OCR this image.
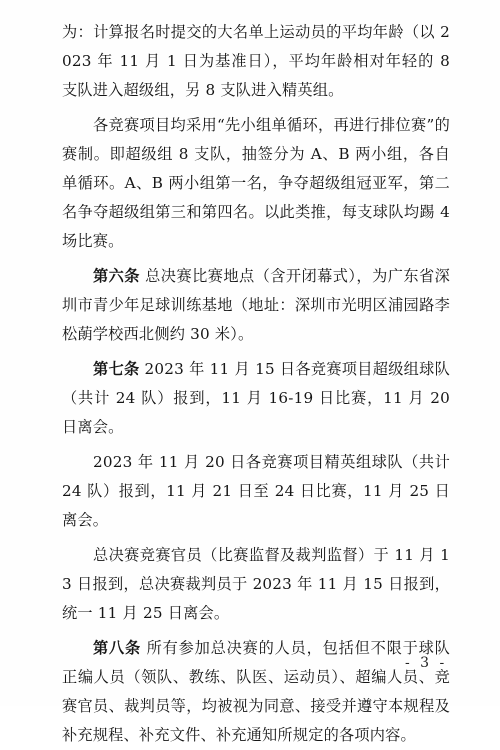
为：计算报名时提交的大名单上运动员的平均年龄（以 2023 年 11 月 1 日为基准日），平均年龄相对年轻的 8 支队进入超级组，另 8 支队进入精英组。

各竞赛项目均采用“先小组单循环，再进行排位赛”的赛制。即超级组 8 支队，抽签分为 A、B 两小组，各自单循环。A、B 两小组第一名，争夺超级组冠亚军，第二名争夺超级组第三和第四名。以此类推，每支球队均踢 4 场比赛。

第六条 总决赛比赛地点（含开闭幕式），为广东省深圳市青少年足球训练基地（地址：深圳市光明区浦园路李松蓢学校西北侧约 30 米）。

第七条 2023 年 11 月 15 日各竞赛项目超级组球队（共计 24 队）报到，11 月 16-19 日比赛，11 月 20 日离会。

2023 年 11 月 20 日各竞赛项目精英组球队（共计 24 队）报到，11 月 21 日至 24 日比赛，11 月 25 日离会。

总决赛竞赛官员（比赛监督及裁判监督）于 11 月 13 日报到，总决赛裁判员于 2023 年 11 月 15 日报到，统一 11 月 25 日离会。

第八条 所有参加总决赛的人员，包括但不限于球队正编人员（领队、教练、队医、运动员）、超编人员、竞赛官员、裁判员等，均被视为同意、接受并遵守本规程及补充规程、补充文件、补充通知所规定的各项内容。

- 3 -
